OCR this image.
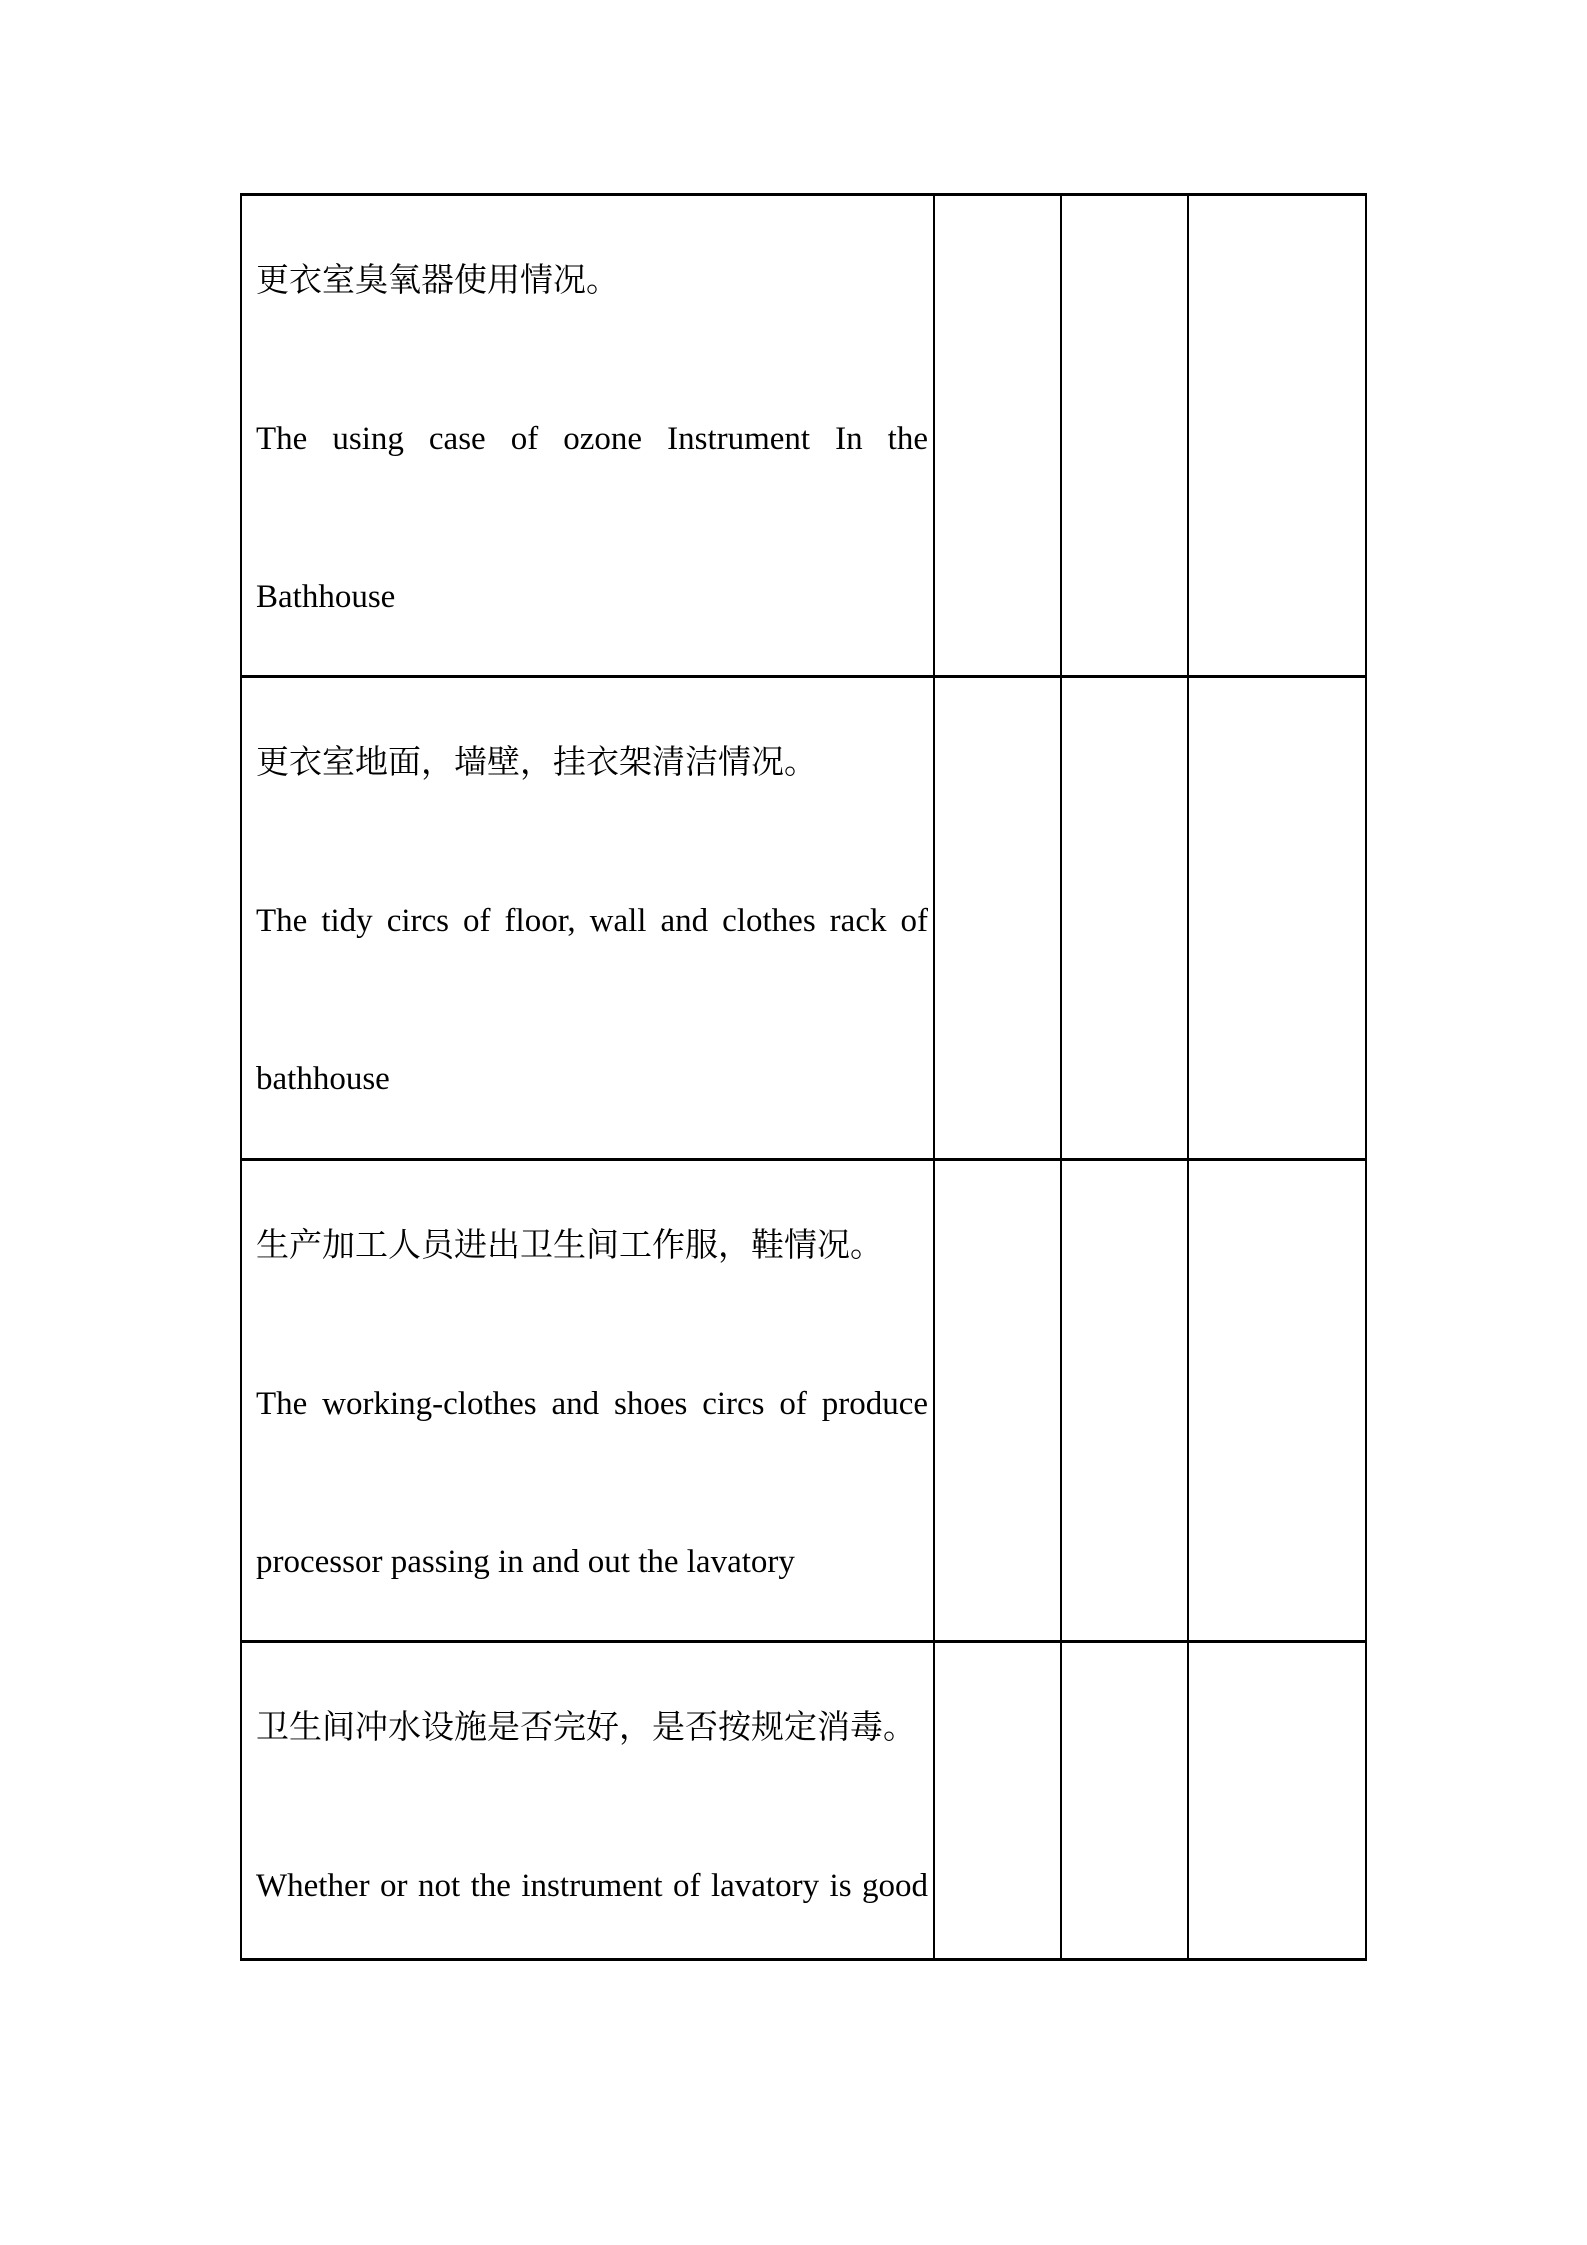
更衣室臭氧器使用情况。
The using case of ozone Instrument In the
Bathhouse
更衣室地面，墙壁，挂衣架清洁情况。
The tidy circs of floor, wall and clothes rack of
bathhouse
生产加工人员进出卫生间工作服，鞋情况。
The working-clothes and shoes circs of produce
processor passing in and out the lavatory
卫生间冲水设施是否完好，是否按规定消毒。
Whether or not the instrument of lavatory is good
